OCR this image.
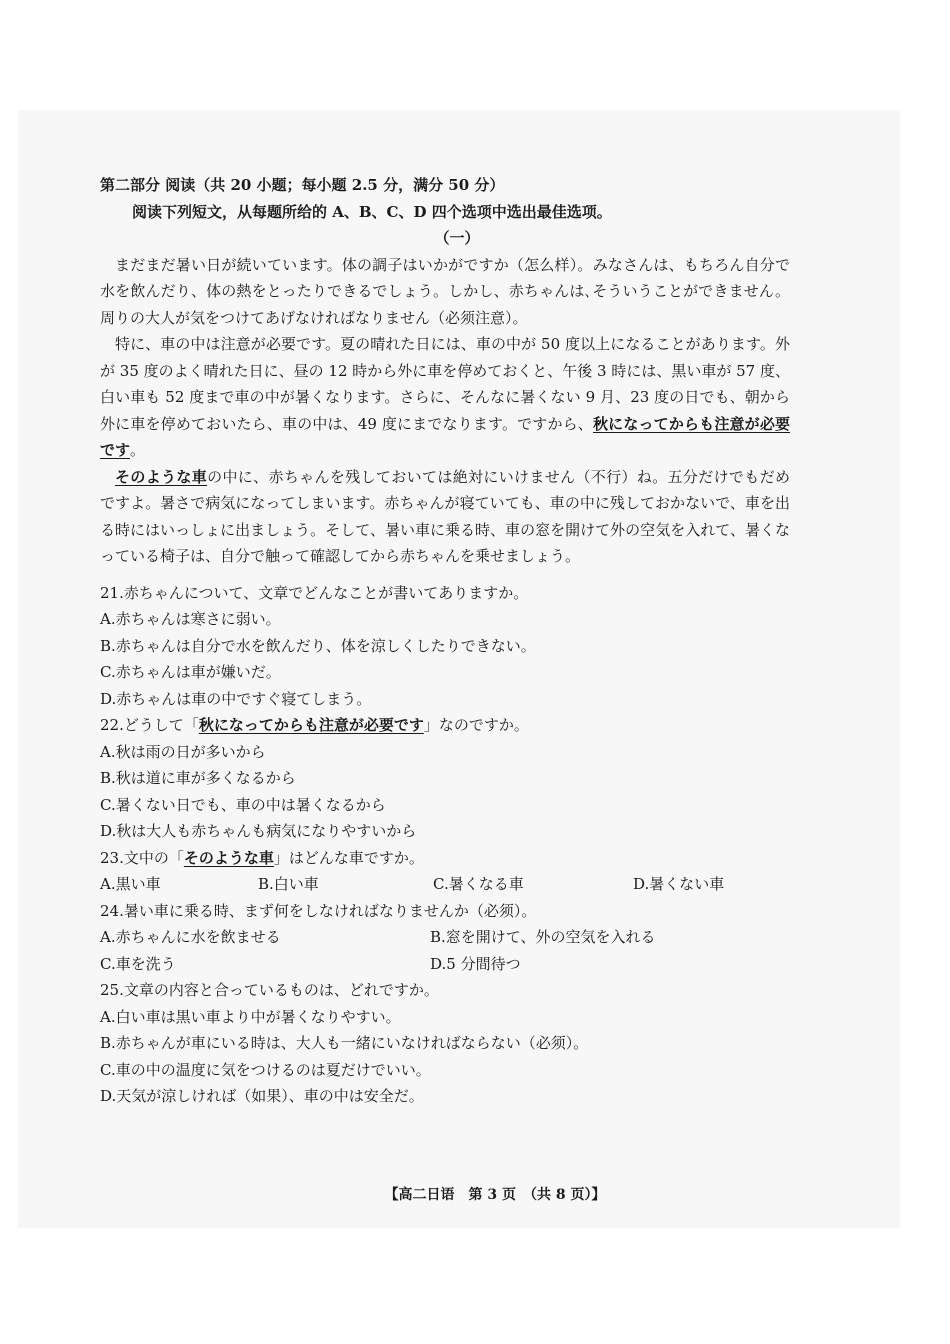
第二部分 阅读（共 20 小题；每小题 2.5 分，满分 50 分）
阅读下列短文，从每题所给的 A、B、C、D 四个选项中选出最佳选项。
（一）

まだまだ暑い日が続いています。体の調子はいかがですか（怎么样）。みなさんは、もちろん自分で水を飲んだり、体の熱をとったりできるでしょう。しかし、赤ちゃんは､そういうことができません。周りの大人が気をつけてあげなければなりません（必须注意）。

特に、車の中は注意が必要です。夏の晴れた日には、車の中が 50 度以上になることがあります。外が 35 度のよく晴れた日に、昼の 12 時から外に車を停めておくと、午後 3 時には、黒い車が 57 度、白い車も 52 度まで車の中が暑くなります。さらに、そんなに暑くない 9 月、23 度の日でも、朝から外に車を停めておいたら、車の中は、49 度にまでなります。ですから、秋になってからも注意が必要です。

そのような車の中に、赤ちゃんを残しておいては絶対にいけません（不行）ね。五分だけでもだめですよ。暑さで病気になってしまいます。赤ちゃんが寝ていても、車の中に残しておかないで、車を出る時にはいっしょに出ましょう。そして、暑い車に乗る時、車の窓を開けて外の空気を入れて、暑くなっている椅子は、自分で触って確認してから赤ちゃんを乗せましょう。

21.赤ちゃんについて、文章でどんなことが書いてありますか。
A.赤ちゃんは寒さに弱い。
B.赤ちゃんは自分で水を飲んだり、体を涼しくしたりできない。
C.赤ちゃんは車が嫌いだ。
D.赤ちゃんは車の中ですぐ寝てしまう。
22.どうして「秋になってからも注意が必要です」なのですか。
A.秋は雨の日が多いから
B.秋は道に車が多くなるから
C.暑くない日でも、車の中は暑くなるから
D.秋は大人も赤ちゃんも病気になりやすいから
23.文中の「そのような車」はどんな車ですか。
A.黒い車	B.白い車	C.暑くなる車	D.暑くない車
24.暑い車に乗る時、まず何をしなければなりませんか（必须）。
A.赤ちゃんに水を飲ませる	B.窓を開けて、外の空気を入れる
C.車を洗う	D.5 分間待つ
25.文章の内容と合っているものは、どれですか。
A.白い車は黒い車より中が暑くなりやすい。
B.赤ちゃんが車にいる時は、大人も一緒にいなければならない（必须）。
C.車の中の温度に気をつけるのは夏だけでいい。
D.天気が涼しければ（如果）、車の中は安全だ。
【高二日语　第 3 页　（共 8 页）】
